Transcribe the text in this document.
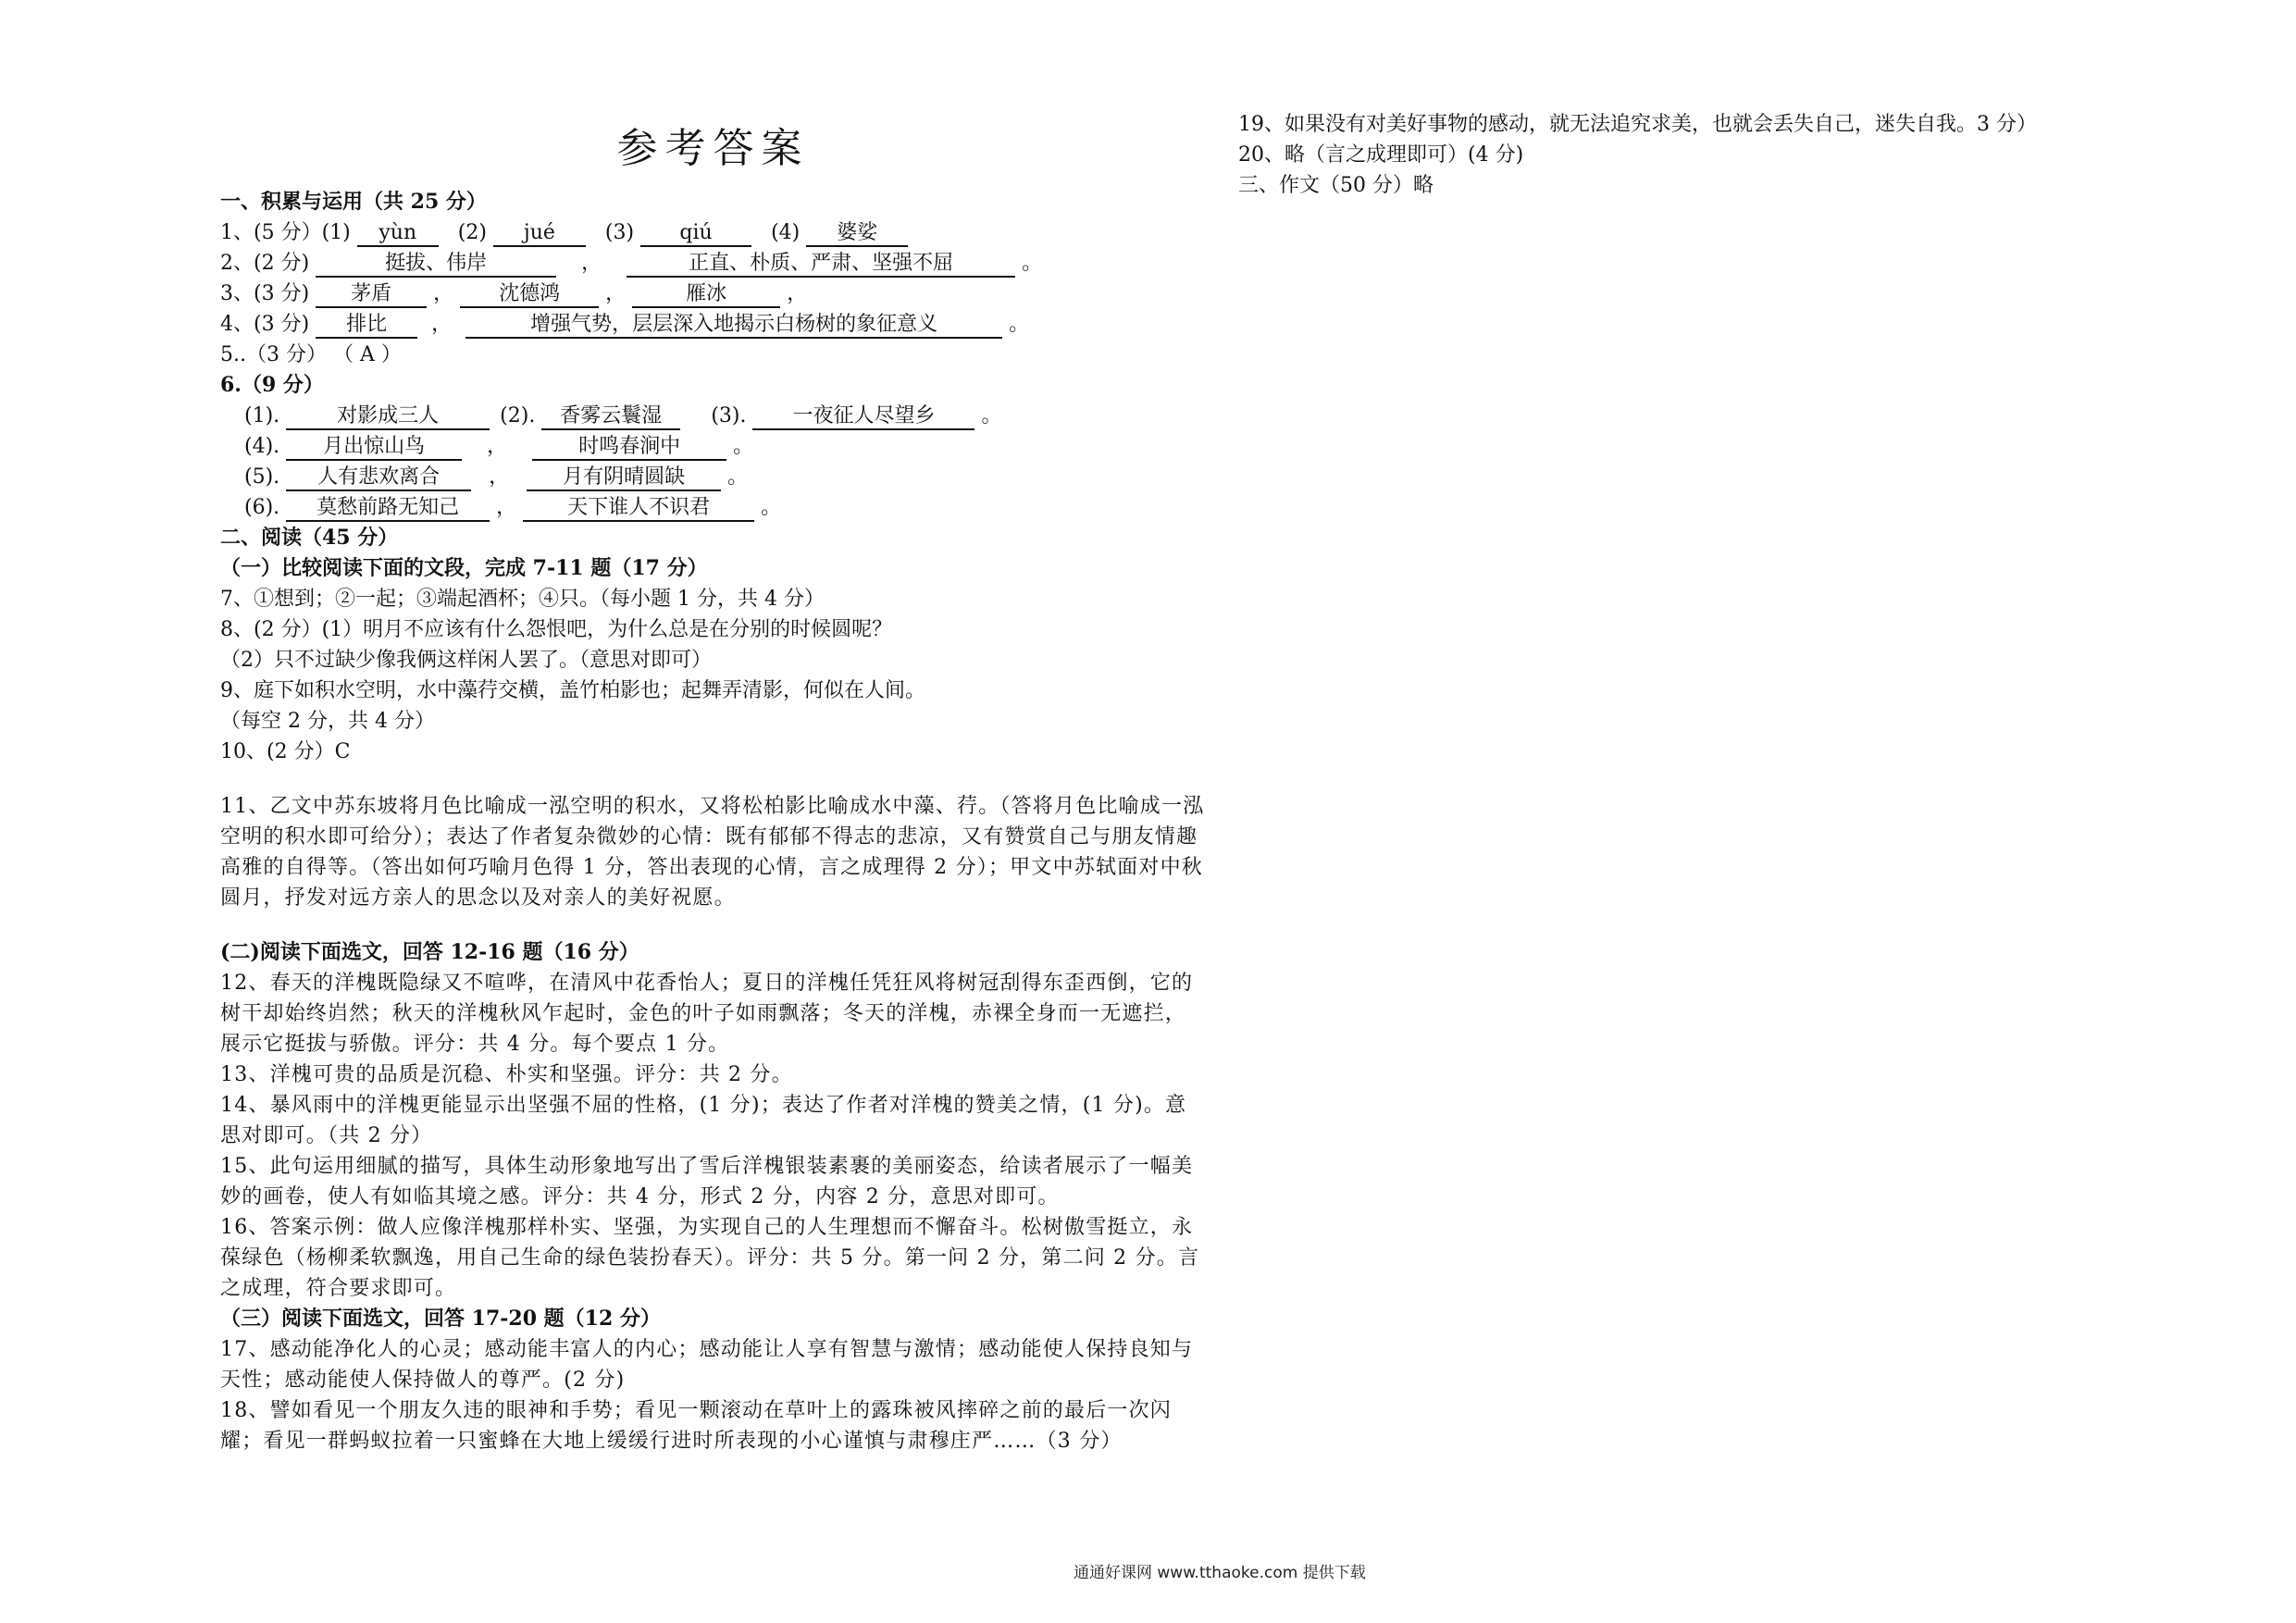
参考答案
一、积累与运用（共 25 分）
1、(5 分）(1) yùn (2) jué (3) qiú	(4) 婆娑
2、(2 分)	挺拔、伟岸	，	正直、朴质、严肃、坚强不屈	。
3、(3 分) 茅盾 ， 沈德鸿 ，	雁冰	，
4、(3 分) 排比 ，	增强气势，层层深入地揭示白杨树的象征意义	。
5..（3 分） （ A ）
6.（9 分）
(1).	对影成三人	(2). 香雾云鬟湿 (3). 一夜征人尽望乡 。
(4). 月出惊山鸟	，	时鸣春涧中	。
(5). 人有悲欢离合 ，	月有阴晴圆缺 。
(6). 莫愁前路无知己 ， 天下谁人不识君	。
二、阅读（45 分）
（一）比较阅读下面的文段，完成 7-11 题（17 分）
7、①想到；②一起；③端起酒杯；④只。（每小题 1 分，共 4 分）
8、(2 分）(1）明月不应该有什么怨恨吧，为什么总是在分别的时候圆呢？
（2）只不过缺少像我俩这样闲人罢了。（意思对即可）
9、庭下如积水空明，水中藻荇交横，盖竹柏影也；起舞弄清影，何似在人间。
（每空 2 分，共 4 分）
10、(2 分）C
11、乙文中苏东坡将月色比喻成一泓空明的积水，又将松柏影比喻成水中藻、荇。（答将月色比喻成一泓空明的积水即可给分）；表达了作者复杂微妙的心情：既有郁郁不得志的悲凉，又有赞赏自己与朋友情趣高雅的自得等。（答出如何巧喻月色得 1 分，答出表现的心情，言之成理得 2 分）；甲文中苏轼面对中秋圆月，抒发对远方亲人的思念以及对亲人的美好祝愿。
(二)阅读下面选文，回答 12-16 题（16 分）
12、春天的洋槐既隐绿又不喧哗，在清风中花香怡人；夏日的洋槐任凭狂风将树冠刮得东歪西倒，它的树干却始终岿然；秋天的洋槐秋风乍起时，金色的叶子如雨飘落；冬天的洋槐，赤裸全身而一无遮拦，展示它挺拔与骄傲。评分：共 4 分。每个要点 1 分。
13、洋槐可贵的品质是沉稳、朴实和坚强。评分：共 2 分。
14、暴风雨中的洋槐更能显示出坚强不屈的性格，(1 分)；表达了作者对洋槐的赞美之情，(1 分)。意思对即可。（共 2 分）
15、此句运用细腻的描写，具体生动形象地写出了雪后洋槐银装素裹的美丽姿态，给读者展示了一幅美妙的画卷，使人有如临其境之感。评分：共 4 分，形式 2 分，内容 2 分，意思对即可。
16、答案示例：做人应像洋槐那样朴实、坚强，为实现自己的人生理想而不懈奋斗。松树傲雪挺立，永葆绿色（杨柳柔软飘逸，用自己生命的绿色装扮春天）。评分：共 5 分。第一问 2 分，第二问 2 分。言之成理，符合要求即可。
（三）阅读下面选文，回答 17-20 题（12 分）
17、感动能净化人的心灵；感动能丰富人的内心；感动能让人享有智慧与激情；感动能使人保持良知与天性；感动能使人保持做人的尊严。(2 分)
18、譬如看见一个朋友久违的眼神和手势；看见一颗滚动在草叶上的露珠被风摔碎之前的最后一次闪耀；看见一群蚂蚁拉着一只蜜蜂在大地上缓缓行进时所表现的小心谨慎与肃穆庄严……（3 分）
19、如果没有对美好事物的感动，就无法追究求美，也就会丢失自己，迷失自我。3 分）
20、略（言之成理即可）(4 分)
三、作文（50 分）略
通通好课网 www.tthaoke.com 提供下载
